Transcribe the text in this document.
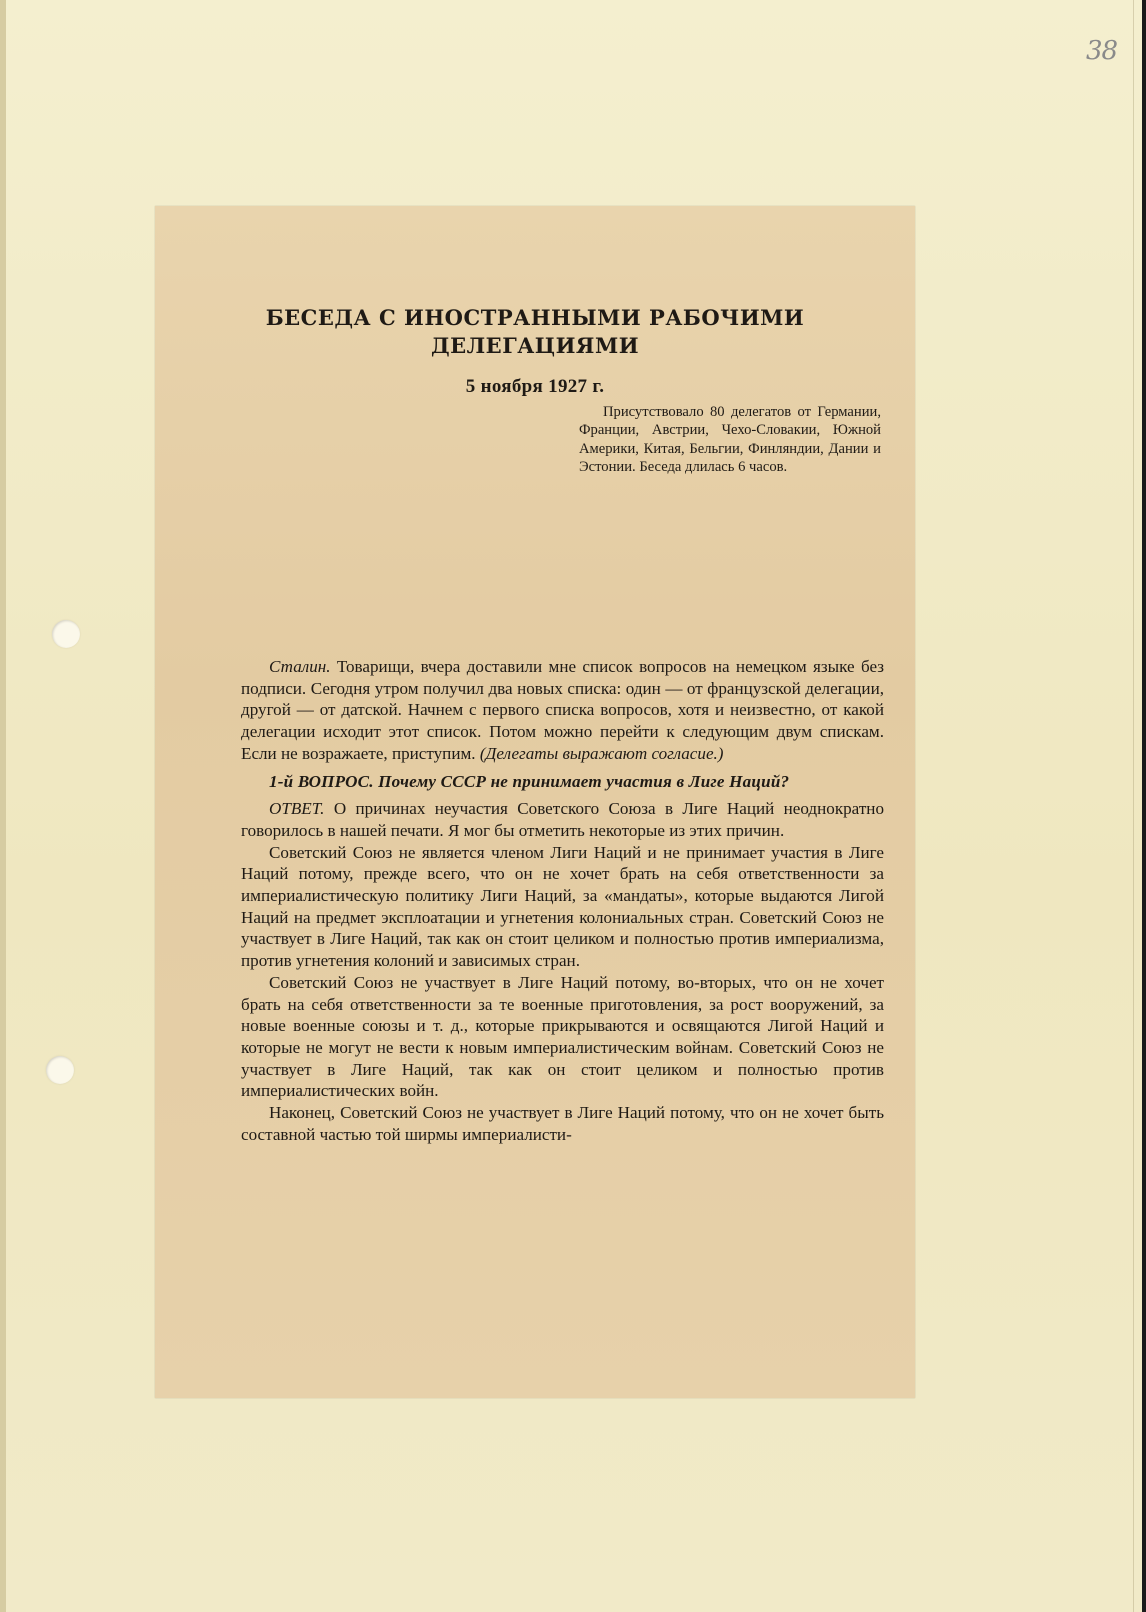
38
БЕСЕДА С ИНОСТРАННЫМИ РАБОЧИМИ
ДЕЛЕГАЦИЯМИ
5 ноября 1927 г.
Присутствовало 80 делегатов от Германии, Франции, Австрии, Чехо-Словакии, Южной Америки, Китая, Бельгии, Финляндии, Дании и Эстонии. Беседа длилась 6 часов.

Сталин. Товарищи, вчера доставили мне список вопросов на немецком языке без подписи. Сегодня утром получил два новых списка: один — от французской делегации, другой — от датской. Начнем с первого списка вопросов, хотя и неизвестно, от какой делегации исходит этот список. Потом можно перейти к следующим двум спискам. Если не возражаете, приступим. (Делегаты выражают согласие.)

1-й ВОПРОС. Почему СССР не принимает участия в Лиге Наций?

ОТВЕТ. О причинах неучастия Советского Союза в Лиге Наций неоднократно говорилось в нашей печати. Я мог бы отметить некоторые из этих причин.

Советский Союз не является членом Лиги Наций и не принимает участия в Лиге Наций потому, прежде всего, что он не хочет брать на себя ответственности за империалистическую политику Лиги Наций, за «мандаты», которые выдаются Лигой Наций на предмет эксплоатации и угнетения колониальных стран. Советский Союз не участвует в Лиге Наций, так как он стоит целиком и полностью против империализма, против угнетения колоний и зависимых стран.

Советский Союз не участвует в Лиге Наций потому, во-вторых, что он не хочет брать на себя ответственности за те военные приготовления, за рост вооружений, за новые военные союзы и т. д., которые прикрываются и освящаются Лигой Наций и которые не могут не вести к новым империалистическим войнам. Советский Союз не участвует в Лиге Наций, так как он стоит целиком и полностью против империалистических войн.

Наконец, Советский Союз не участвует в Лиге Наций потому, что он не хочет быть составной частью той ширмы империалисти-
